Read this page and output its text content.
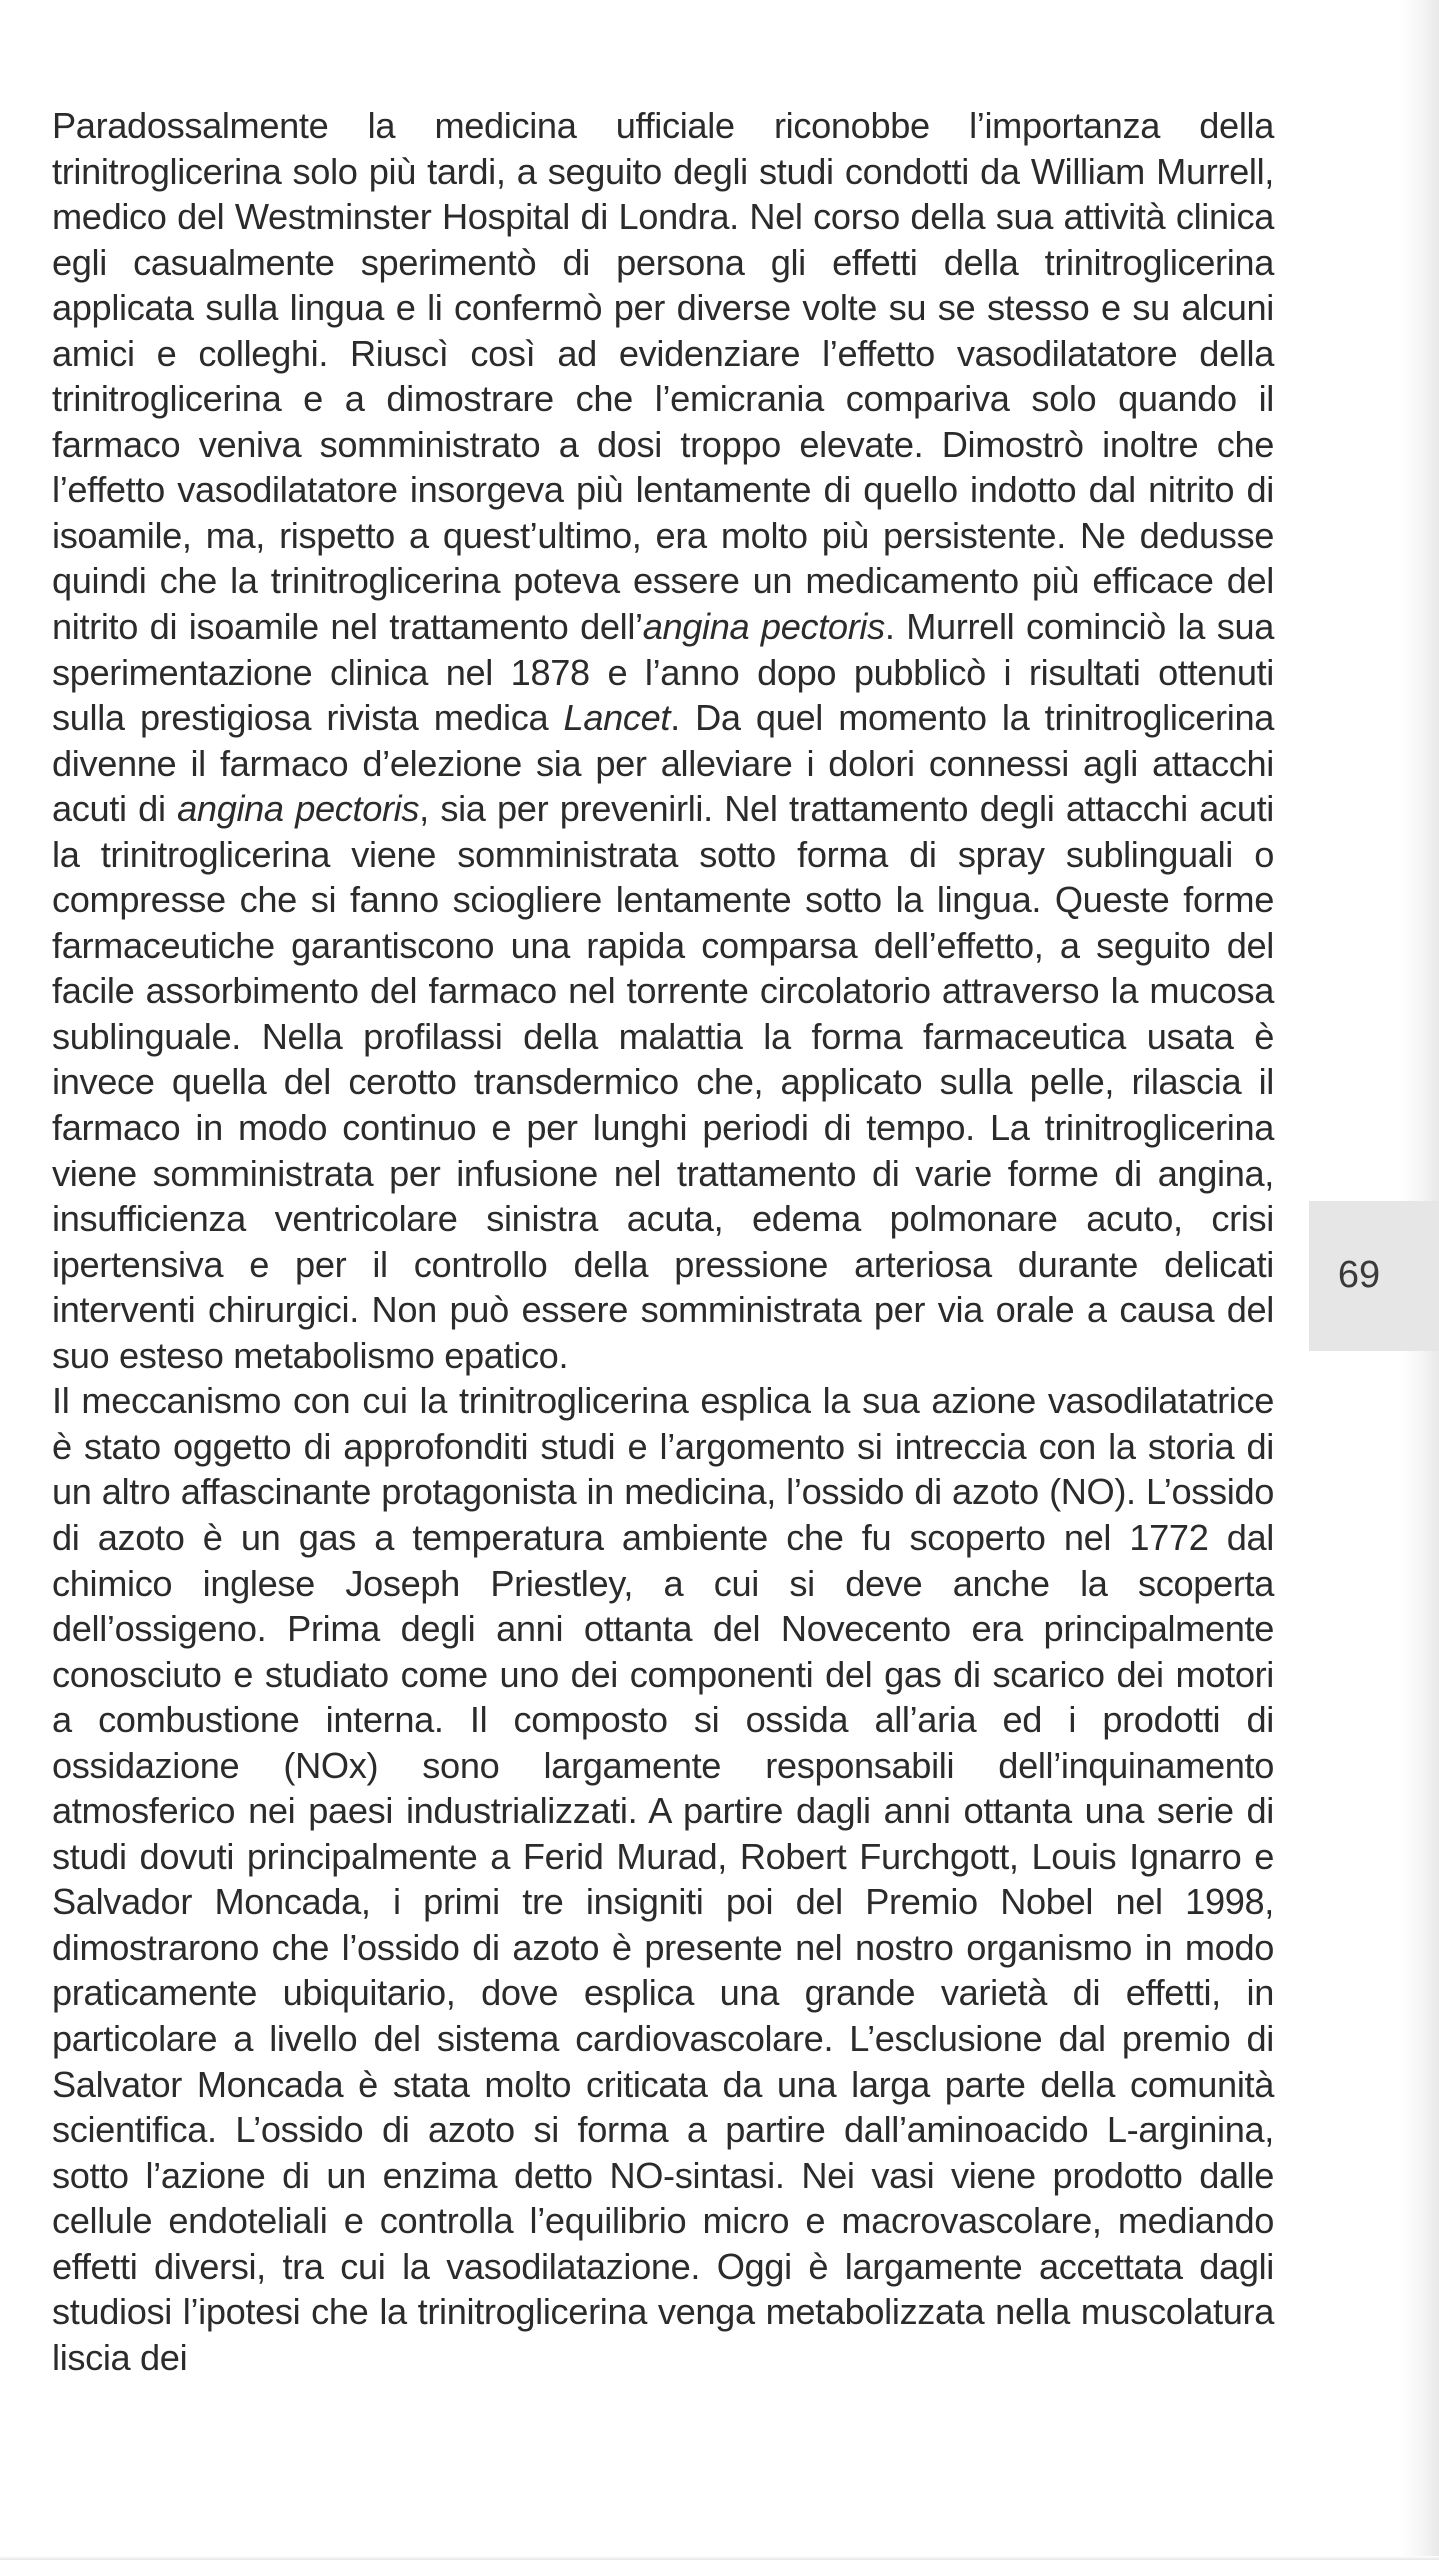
Paradossalmente la medicina ufficiale riconobbe l’importanza della trinitroglicerina solo più tardi, a seguito degli studi condotti da William Murrell, medico del Westminster Hospital di Londra. Nel corso della sua attività clinica egli casualmente sperimentò di persona gli effetti della trinitroglicerina applicata sulla lingua e li confermò per diverse volte su se stesso e su alcuni amici e colleghi. Riuscì così ad evidenziare l’effetto vasodilatatore della trinitroglicerina e a dimostrare che l’emicrania compariva solo quando il farmaco veniva somministrato a dosi troppo elevate. Dimostrò inoltre che l’effetto vasodilatatore insorgeva più lentamente di quello indotto dal nitrito di isoamile, ma, rispetto a quest’ultimo, era molto più persistente. Ne dedusse quindi che la trinitroglicerina poteva essere un medicamento più efficace del nitrito di isoamile nel trattamento dell’angina pectoris. Murrell cominciò la sua sperimentazione clinica nel 1878 e l’anno dopo pubblicò i risultati ottenuti sulla prestigiosa rivista medica Lancet. Da quel momento la trinitroglicerina divenne il farmaco d’elezione sia per alleviare i dolori connessi agli attacchi acuti di angina pectoris, sia per prevenirli. Nel trattamento degli attacchi acuti la trinitroglicerina viene somministrata sotto forma di spray sublinguali o compresse che si fanno sciogliere lentamente sotto la lingua. Queste forme farmaceutiche garantiscono una rapida comparsa dell’effetto, a seguito del facile assorbimento del farmaco nel torrente circolatorio attraverso la mucosa sublinguale. Nella profilassi della malattia la forma farmaceutica usata è invece quella del cerotto transdermico che, applicato sulla pelle, rilascia il farmaco in modo continuo e per lunghi periodi di tempo. La trinitroglicerina viene somministrata per infusione nel trattamento di varie forme di angina, insufficienza ventricolare sinistra acuta, edema polmonare acuto, crisi ipertensiva e per il controllo della pressione arteriosa durante delicati interventi chirurgici. Non può essere somministrata per via orale a causa del suo esteso metabolismo epatico.

Il meccanismo con cui la trinitroglicerina esplica la sua azione vasodilatatrice è stato oggetto di approfonditi studi e l’argomento si intreccia con la storia di un altro affascinante protagonista in medicina, l’ossido di azoto (NO). L’ossido di azoto è un gas a temperatura ambiente che fu scoperto nel 1772 dal chimico inglese Joseph Priestley, a cui si deve anche la scoperta dell’ossigeno. Prima degli anni ottanta del Novecento era principalmente conosciuto e studiato come uno dei componenti del gas di scarico dei motori a combustione interna. Il composto si ossida all’aria ed i prodotti di ossidazione (NOx) sono largamente responsabili dell’inquinamento atmosferico nei paesi industrializzati. A partire dagli anni ottanta una serie di studi dovuti principalmente a Ferid Murad, Robert Furchgott, Louis Ignarro e Salvador Moncada, i primi tre insigniti poi del Premio Nobel nel 1998, dimostrarono che l’ossido di azoto è presente nel nostro organismo in modo praticamente ubiquitario, dove esplica una grande varietà di effetti, in particolare a livello del sistema cardiovascolare. L’esclusione dal premio di Salvator Moncada è stata molto criticata da una larga parte della comunità scientifica. L’ossido di azoto si forma a partire dall’aminoacido L-arginina, sotto l’azione di un enzima detto NO-sintasi. Nei vasi viene prodotto dalle cellule endoteliali e controlla l’equilibrio micro e macrovascolare, mediando effetti diversi, tra cui la vasodilatazione. Oggi è largamente accettata dagli studiosi l’ipotesi che la trinitroglicerina venga metabolizzata nella muscolatura liscia dei

69
